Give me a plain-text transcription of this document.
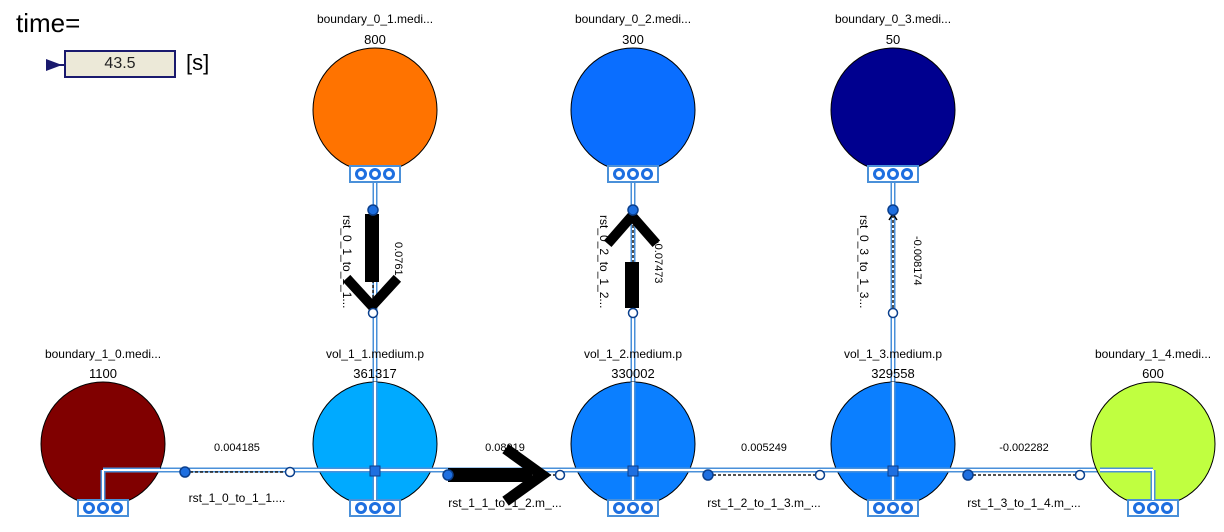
time=
43.5	[s]
boundary_0_1.medi...
800
boundary_0_2.medi...
300
boundary_0_3.medi...
50
boundary_1_0.medi...
1100
vol_1_1.medium.p
361317
vol_1_2.medium.p
330002
vol_1_3.medium.p
329558
boundary_1_4.medi...
600
rst_0_1_to_1_1...	0.0761	rst_0_2_to_1_2...	-0.07473	rst_0_3_to_1_3...	-0.008174
0.004185
rst_1_0_to_1_1....
0.08019
rst_1_1_to_1_2.m_...
0.005249
rst_1_2_to_1_3.m_...
-0.002282
rst_1_3_to_1_4.m_...
